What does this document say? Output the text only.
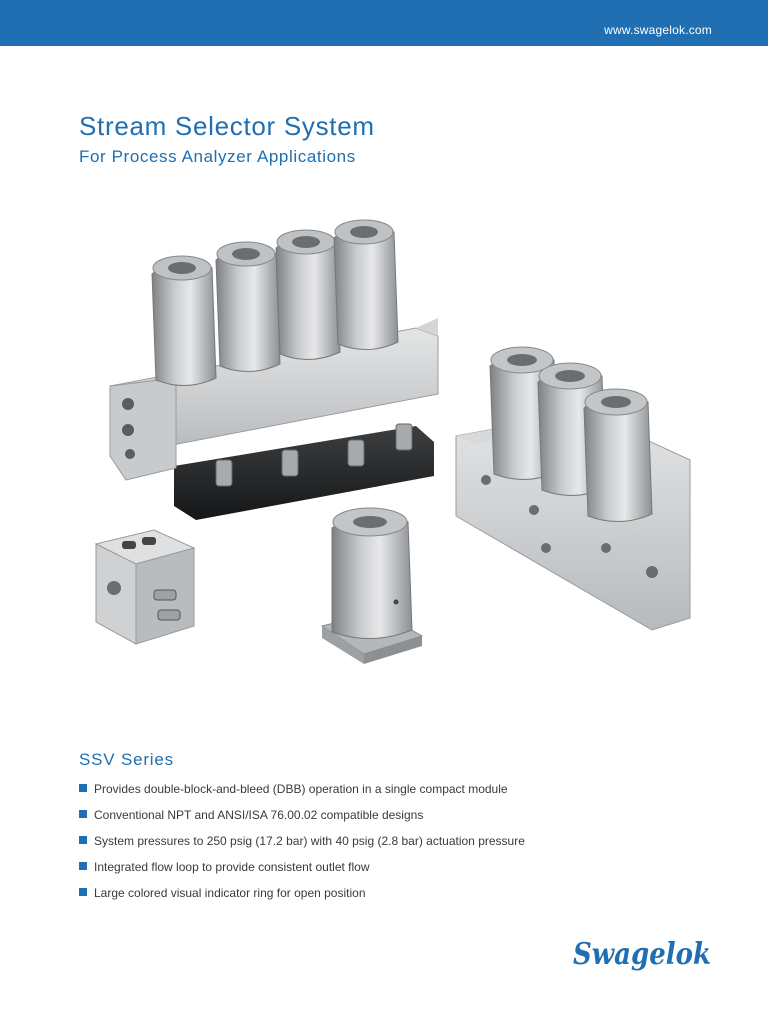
www.swagelok.com
Stream Selector System
For Process Analyzer Applications
SSV Series
Provides double-block-and-bleed (DBB) operation in a single compact module
Conventional NPT and ANSI/ISA 76.00.02 compatible designs
System pressures to 250 psig (17.2 bar) with 40 psig (2.8 bar) actuation pressure
Integrated flow loop to provide consistent outlet flow
Large colored visual indicator ring for open position
Swagelok
